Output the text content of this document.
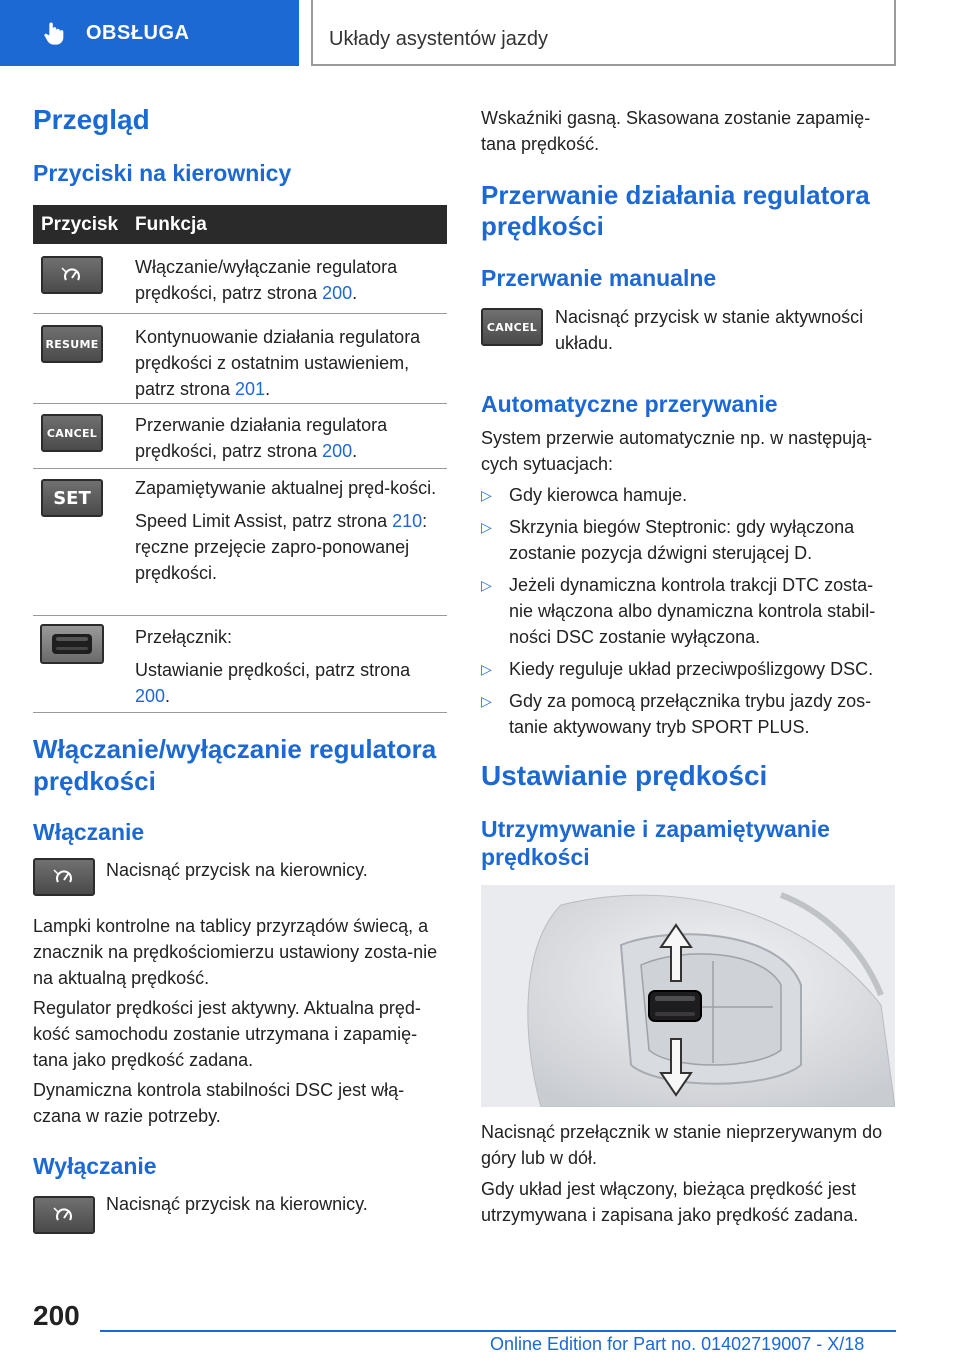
OBSŁUGA	Układy asystentów jazdy
Przegląd
Przyciski na kierownicy
Przycisk Funkcja

Włączanie/wyłączanie regulatora prędkości, patrz strona 200.

RESUME Kontynuowanie działania regulatora prędkości z ostatnim ustawieniem, patrz strona 201.

CANCEL Przerwanie działania regulatora prędkości, patrz strona 200.

SET Zapamiętywanie aktualnej pręd‐kości.

Speed Limit Assist, patrz strona 210: ręczne przejęcie zapro‐ponowanej prędkości.

Przełącznik:

Ustawianie prędkości, patrz strona 200.

Włączanie/wyłączanie regulatora prędkości
Włączanie
Nacisnąć przycisk na kierownicy.
Lampki kontrolne na tablicy przyrządów świecą, a znacznik na prędkościomierzu ustawiony zosta‐nie na aktualną prędkość.
Regulator prędkości jest aktywny. Aktualna pręd‐kość samochodu zostanie utrzymana i zapamię‐tana jako prędkość zadana.
Dynamiczna kontrola stabilności DSC jest włą‐czana w razie potrzeby.
Wyłączanie
Nacisnąć przycisk na kierownicy.
Wskaźniki gasną. Skasowana zostanie zapamię‐tana prędkość.
Przerwanie działania regulatora prędkości
Przerwanie manualne
CANCEL Nacisnąć przycisk w stanie aktywności układu.
Automatyczne przerywanie
System przerwie automatycznie np. w następują‐cych sytuacjach:
▷ Gdy kierowca hamuje.
▷ Skrzynia biegów Steptronic: gdy wyłączona zostanie pozycja dźwigni sterującej D.
▷ Jeżeli dynamiczna kontrola trakcji DTC zosta‐nie włączona albo dynamiczna kontrola stabil‐ności DSC zostanie wyłączona.
▷ Kiedy reguluje układ przeciwpoślizgowy DSC.
▷ Gdy za pomocą przełącznika trybu jazdy zos‐tanie aktywowany tryb SPORT PLUS.
Ustawianie prędkości
Utrzymywanie i zapamiętywanie prędkości
Nacisnąć przełącznik w stanie nieprzerywanym do góry lub w dół.
Gdy układ jest włączony, bieżąca prędkość jest utrzymywana i zapisana jako prędkość zadana.
200
Online Edition for Part no. 01402719007 - X/18
